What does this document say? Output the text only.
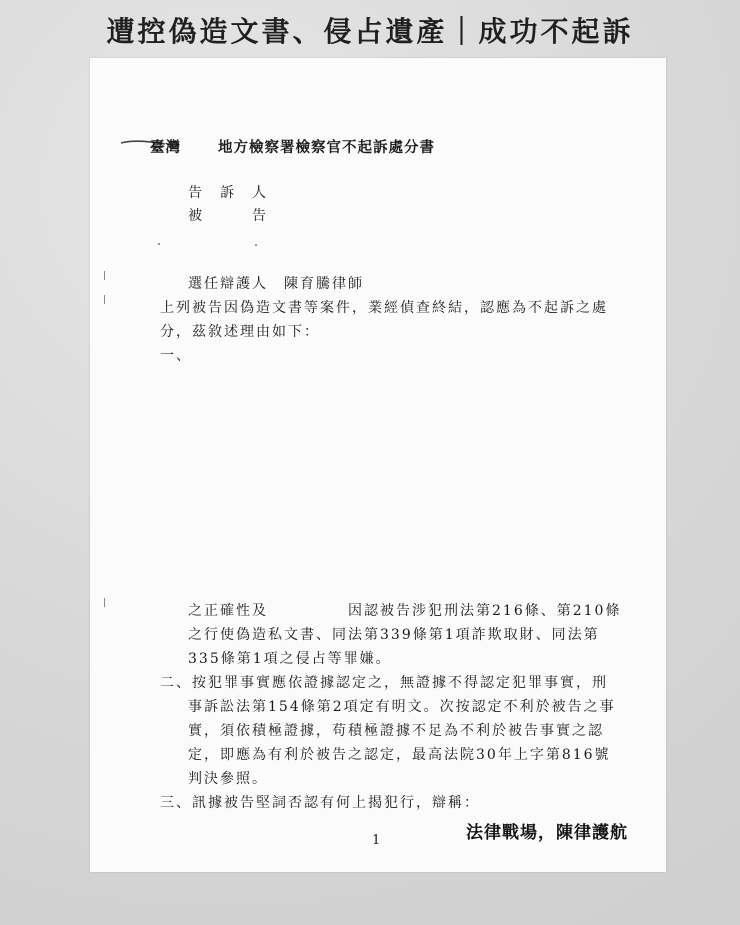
遭控偽造文書、侵占遺產｜成功不起訴
臺灣	地方檢察署檢察官不起訴處分書
告　訴　人
被　　　告
選任辯護人　陳育騰律師
上列被告因偽造文書等案件，業經偵查終結，認應為不起訴之處
分，茲敘述理由如下：
一、
之正確性及	因認被告涉犯刑法第216條、第210條
之行使偽造私文書、同法第339條第1項詐欺取財、同法第
335條第1項之侵占等罪嫌。
二、按犯罪事實應依證據認定之，無證據不得認定犯罪事實，刑
事訴訟法第154條第2項定有明文。次按認定不利於被告之事
實，須依積極證據，苟積極證據不足為不利於被告事實之認
定，即應為有利於被告之認定，最高法院30年上字第816號
判決參照。
三、訊據被告堅詞否認有何上揭犯行，辯稱：
法律戰場，陳律護航
1
